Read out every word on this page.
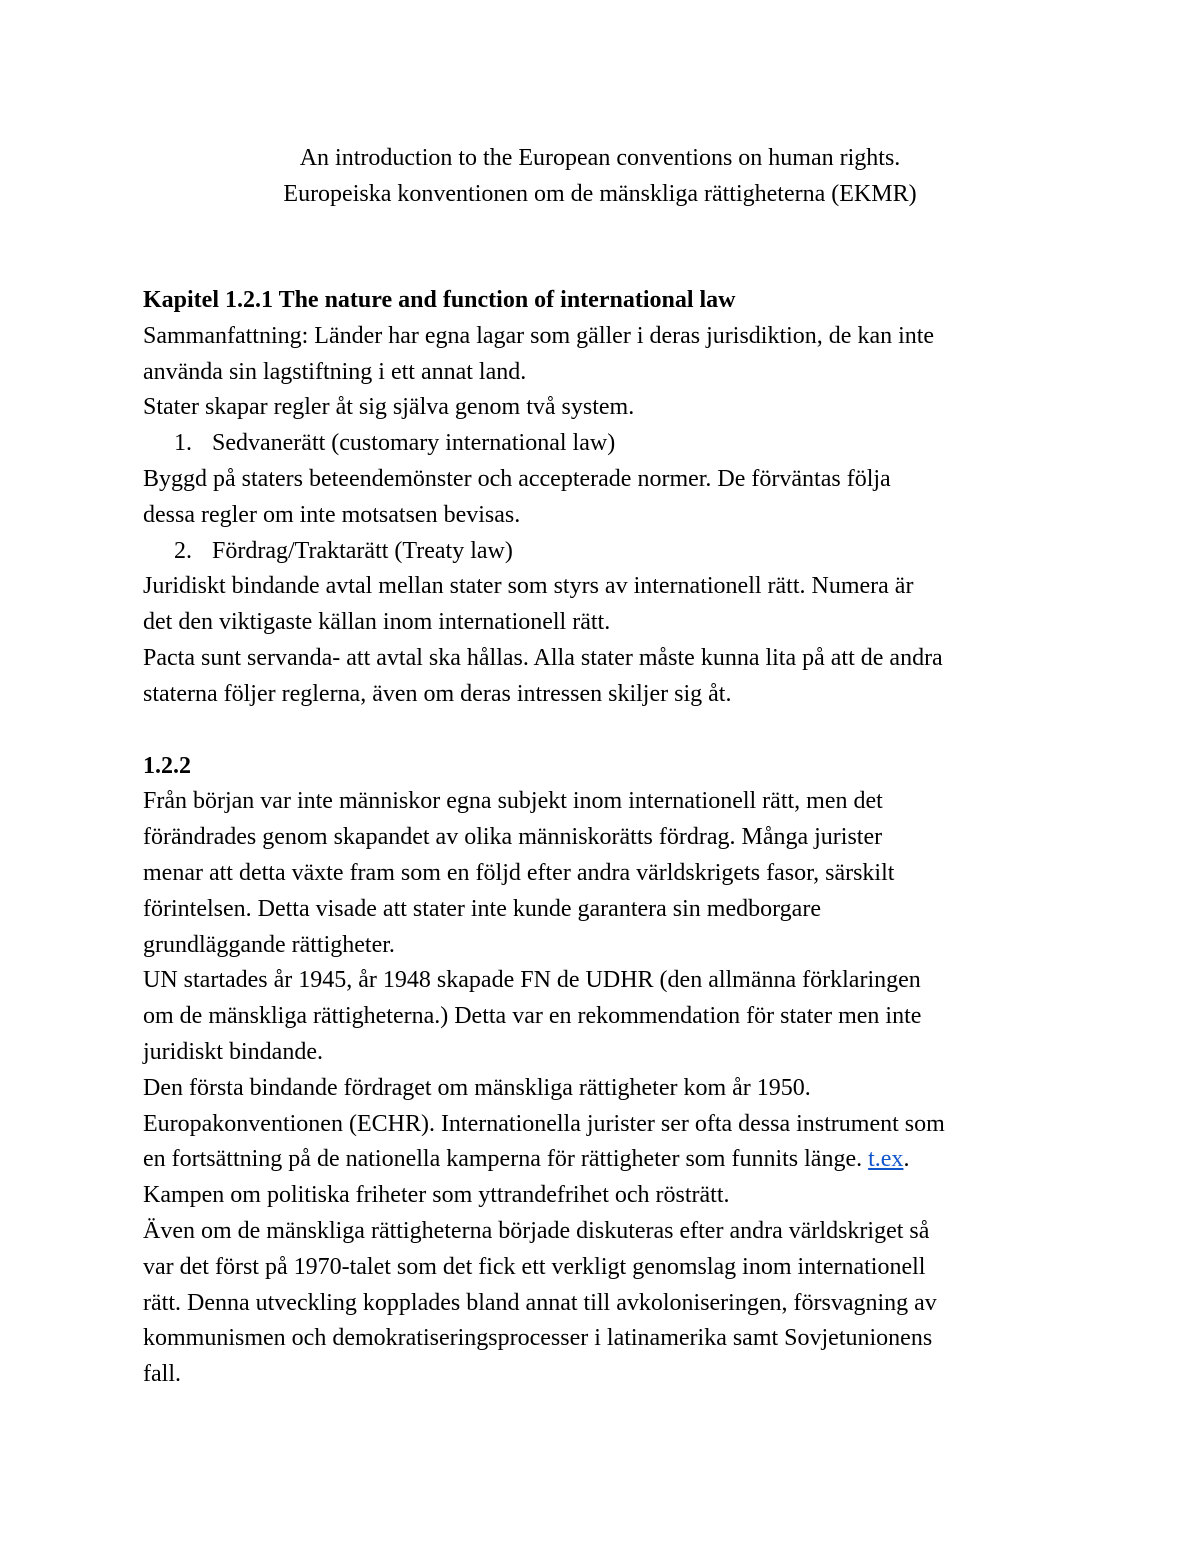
An introduction to the European conventions on human rights.
Europeiska konventionen om de mänskliga rättigheterna (EKMR)
Kapitel 1.2.1 The nature and function of international law
Sammanfattning: Länder har egna lagar som gäller i deras jurisdiktion, de kan inte
använda sin lagstiftning i ett annat land.
Stater skapar regler åt sig själva genom två system.
1. Sedvanerätt (customary international law)
Byggd på staters beteendemönster och accepterade normer. De förväntas följa
dessa regler om inte motsatsen bevisas.
2. Fördrag/Traktarätt (Treaty law)
Juridiskt bindande avtal mellan stater som styrs av internationell rätt. Numera är
det den viktigaste källan inom internationell rätt.
Pacta sunt servanda- att avtal ska hållas. Alla stater måste kunna lita på att de andra
staterna följer reglerna, även om deras intressen skiljer sig åt.
1.2.2
Från början var inte människor egna subjekt inom internationell rätt, men det
förändrades genom skapandet av olika människorätts fördrag. Många jurister
menar att detta växte fram som en följd efter andra världskrigets fasor, särskilt
förintelsen. Detta visade att stater inte kunde garantera sin medborgare
grundläggande rättigheter.
UN startades år 1945, år 1948 skapade FN de UDHR (den allmänna förklaringen
om de mänskliga rättigheterna.) Detta var en rekommendation för stater men inte
juridiskt bindande.
Den första bindande fördraget om mänskliga rättigheter kom år 1950.
Europakonventionen (ECHR). Internationella jurister ser ofta dessa instrument som
en fortsättning på de nationella kamperna för rättigheter som funnits länge. t.ex.
Kampen om politiska friheter som yttrandefrihet och rösträtt.
Även om de mänskliga rättigheterna började diskuteras efter andra världskriget så
var det först på 1970-talet som det fick ett verkligt genomslag inom internationell
rätt. Denna utveckling kopplades bland annat till avkoloniseringen, försvagning av
kommunismen och demokratiseringsprocesser i latinamerika samt Sovjetunionens
fall.
